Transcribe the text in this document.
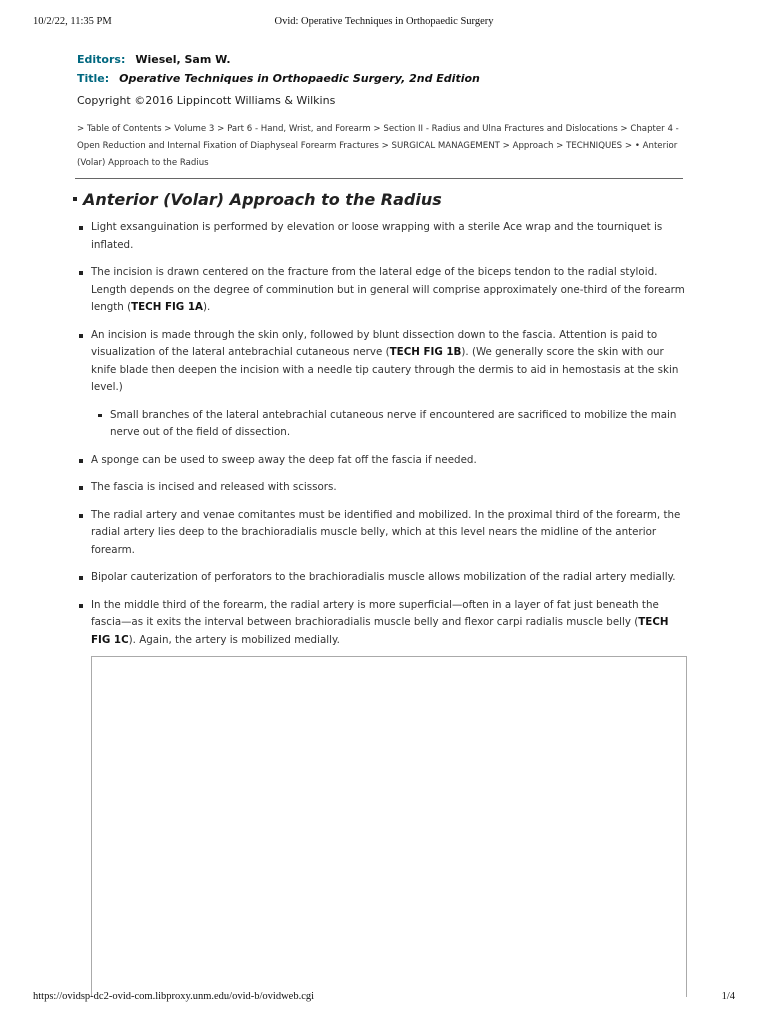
10/2/22, 11:35 PM	Ovid: Operative Techniques in Orthopaedic Surgery
Editors: Wiesel, Sam W.
Title: Operative Techniques in Orthopaedic Surgery, 2nd Edition
Copyright ©2016 Lippincott Williams & Wilkins
> Table of Contents > Volume 3 > Part 6 - Hand, Wrist, and Forearm > Section II - Radius and Ulna Fractures and Dislocations > Chapter 4 - Open Reduction and Internal Fixation of Diaphyseal Forearm Fractures > SURGICAL MANAGEMENT > Approach > TECHNIQUES > • Anterior (Volar) Approach to the Radius
Anterior (Volar) Approach to the Radius
Light exsanguination is performed by elevation or loose wrapping with a sterile Ace wrap and the tourniquet is inflated.
The incision is drawn centered on the fracture from the lateral edge of the biceps tendon to the radial styloid. Length depends on the degree of comminution but in general will comprise approximately one-third of the forearm length (TECH FIG 1A).
An incision is made through the skin only, followed by blunt dissection down to the fascia. Attention is paid to visualization of the lateral antebrachial cutaneous nerve (TECH FIG 1B). (We generally score the skin with our knife blade then deepen the incision with a needle tip cautery through the dermis to aid in hemostasis at the skin level.)
Small branches of the lateral antebrachial cutaneous nerve if encountered are sacrificed to mobilize the main nerve out of the field of dissection.
A sponge can be used to sweep away the deep fat off the fascia if needed.
The fascia is incised and released with scissors.
The radial artery and venae comitantes must be identified and mobilized. In the proximal third of the forearm, the radial artery lies deep to the brachioradialis muscle belly, which at this level nears the midline of the anterior forearm.
Bipolar cauterization of perforators to the brachioradialis muscle allows mobilization of the radial artery medially.
In the middle third of the forearm, the radial artery is more superficial—often in a layer of fat just beneath the fascia—as it exits the interval between brachioradialis muscle belly and flexor carpi radialis muscle belly (TECH FIG 1C). Again, the artery is mobilized medially.
https://ovidsp-dc2-ovid-com.libproxy.unm.edu/ovid-b/ovidweb.cgi	1/4
